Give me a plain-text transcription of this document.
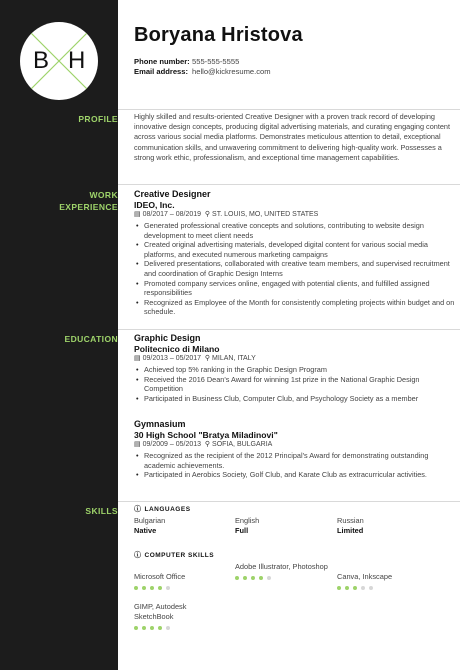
B H
PROFILE
WORK
EXPERIENCE
EDUCATION
SKILLS
Boryana Hristova
Phone number: 555-555-5555
Email address: hello@kickresume.com
Highly skilled and results-oriented Creative Designer with a proven track record of developing innovative design concepts, producing digital advertising materials, and curating engaging content across various social media platforms. Demonstrates meticulous attention to detail, exceptional communication skills, and unwavering commitment to delivering high-quality work. Possesses a strong work ethic, professionalism, and exceptional time management capabilities.
Creative Designer
IDEO, Inc.
▤ 08/2017 – 08/2019 ⚲ ST. LOUIS, MO, UNITED STATES
• Generated professional creative concepts and solutions, contributing to website design development to meet client needs
• Created original advertising materials, developed digital content for various social media platforms, and executed numerous marketing campaigns
• Delivered presentations, collaborated with creative team members, and supervised recruitment and coordination of Graphic Design Interns
• Promoted company services online, engaged with potential clients, and fulfilled assigned responsibilities
• Recognized as Employee of the Month for consistently completing projects within budget and on schedule.
Graphic Design
Politecnico di Milano
▤ 09/2013 – 05/2017 ⚲ MILAN, ITALY
• Achieved top 5% ranking in the Graphic Design Program
• Received the 2016 Dean's Award for winning 1st prize in the National Graphic Design Competition
• Participated in Business Club, Computer Club, and Psychology Society as a member
Gymnasium
30 High School "Bratya Miladinovi"
▤ 09/2009 – 05/2013 ⚲ SOFIA, BULGARIA
• Recognized as the recipient of the 2012 Principal's Award for demonstrating outstanding academic achievements.
• Participated in Aerobics Society, Golf Club, and Karate Club as extracurricular activities.
ⓘ LANGUAGES
Bulgarian
Native
English
Full
Russian
Limited
ⓘ COMPUTER SKILLS
Microsoft Office
Adobe Illustrator, Photoshop
Canva, Inkscape
GIMP, Autodesk SketchBook
